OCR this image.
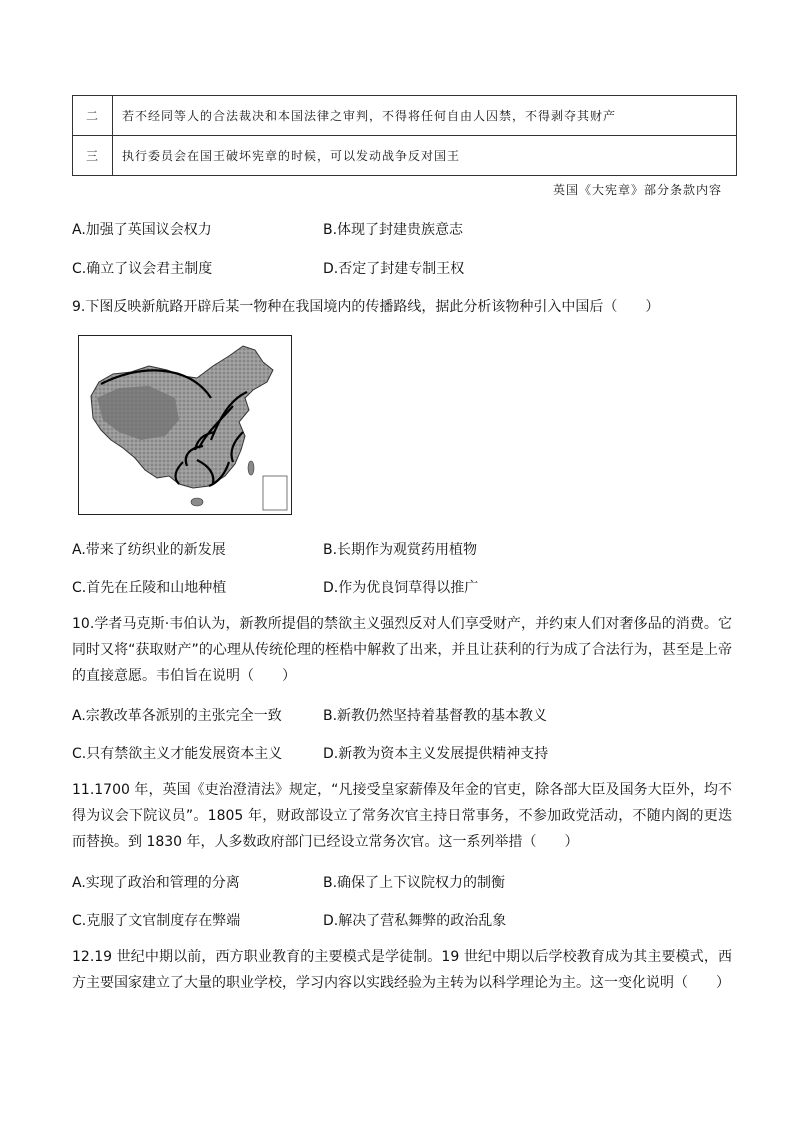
二	若不经同等人的合法裁决和本国法律之审判，不得将任何自由人囚禁，不得剥夺其财产
三	执行委员会在国王破坏宪章的时候，可以发动战争反对国王
英国《大宪章》部分条款内容
A.加强了英国议会权力	B.体现了封建贵族意志
C.确立了议会君主制度	D.否定了封建专制王权
9.下图反映新航路开辟后某一物种在我国境内的传播路线，据此分析该物种引入中国后（　　）
A.带来了纺织业的新发展	B.长期作为观赏药用植物
C.首先在丘陵和山地种植	D.作为优良饲草得以推广
10.学者马克斯·韦伯认为，新教所提倡的禁欲主义强烈反对人们享受财产，并约束人们对奢侈品的消费。它同时又将“获取财产”的心理从传统伦理的桎梏中解救了出来，并且让获利的行为成了合法行为，甚至是上帝的直接意愿。韦伯旨在说明（　　）
A.宗教改革各派别的主张完全一致	B.新教仍然坚持着基督教的基本教义
C.只有禁欲主义才能发展资本主义	D.新教为资本主义发展提供精神支持
11.1700 年，英国《吏治澄清法》规定，“凡接受皇家薪俸及年金的官吏，除各部大臣及国务大臣外，均不得为议会下院议员”。1805 年，财政部设立了常务次官主持日常事务，不参加政党活动，不随内阁的更迭而替换。到 1830 年，人多数政府部门已经设立常务次官。这一系列举措（　　）
A.实现了政治和管理的分离	B.确保了上下议院权力的制衡
C.克服了文官制度存在弊端	D.解决了营私舞弊的政治乱象
12.19 世纪中期以前，西方职业教育的主要模式是学徒制。19 世纪中期以后学校教育成为其主要模式，西方主要国家建立了大量的职业学校，学习内容以实践经验为主转为以科学理论为主。这一变化说明（　　）
